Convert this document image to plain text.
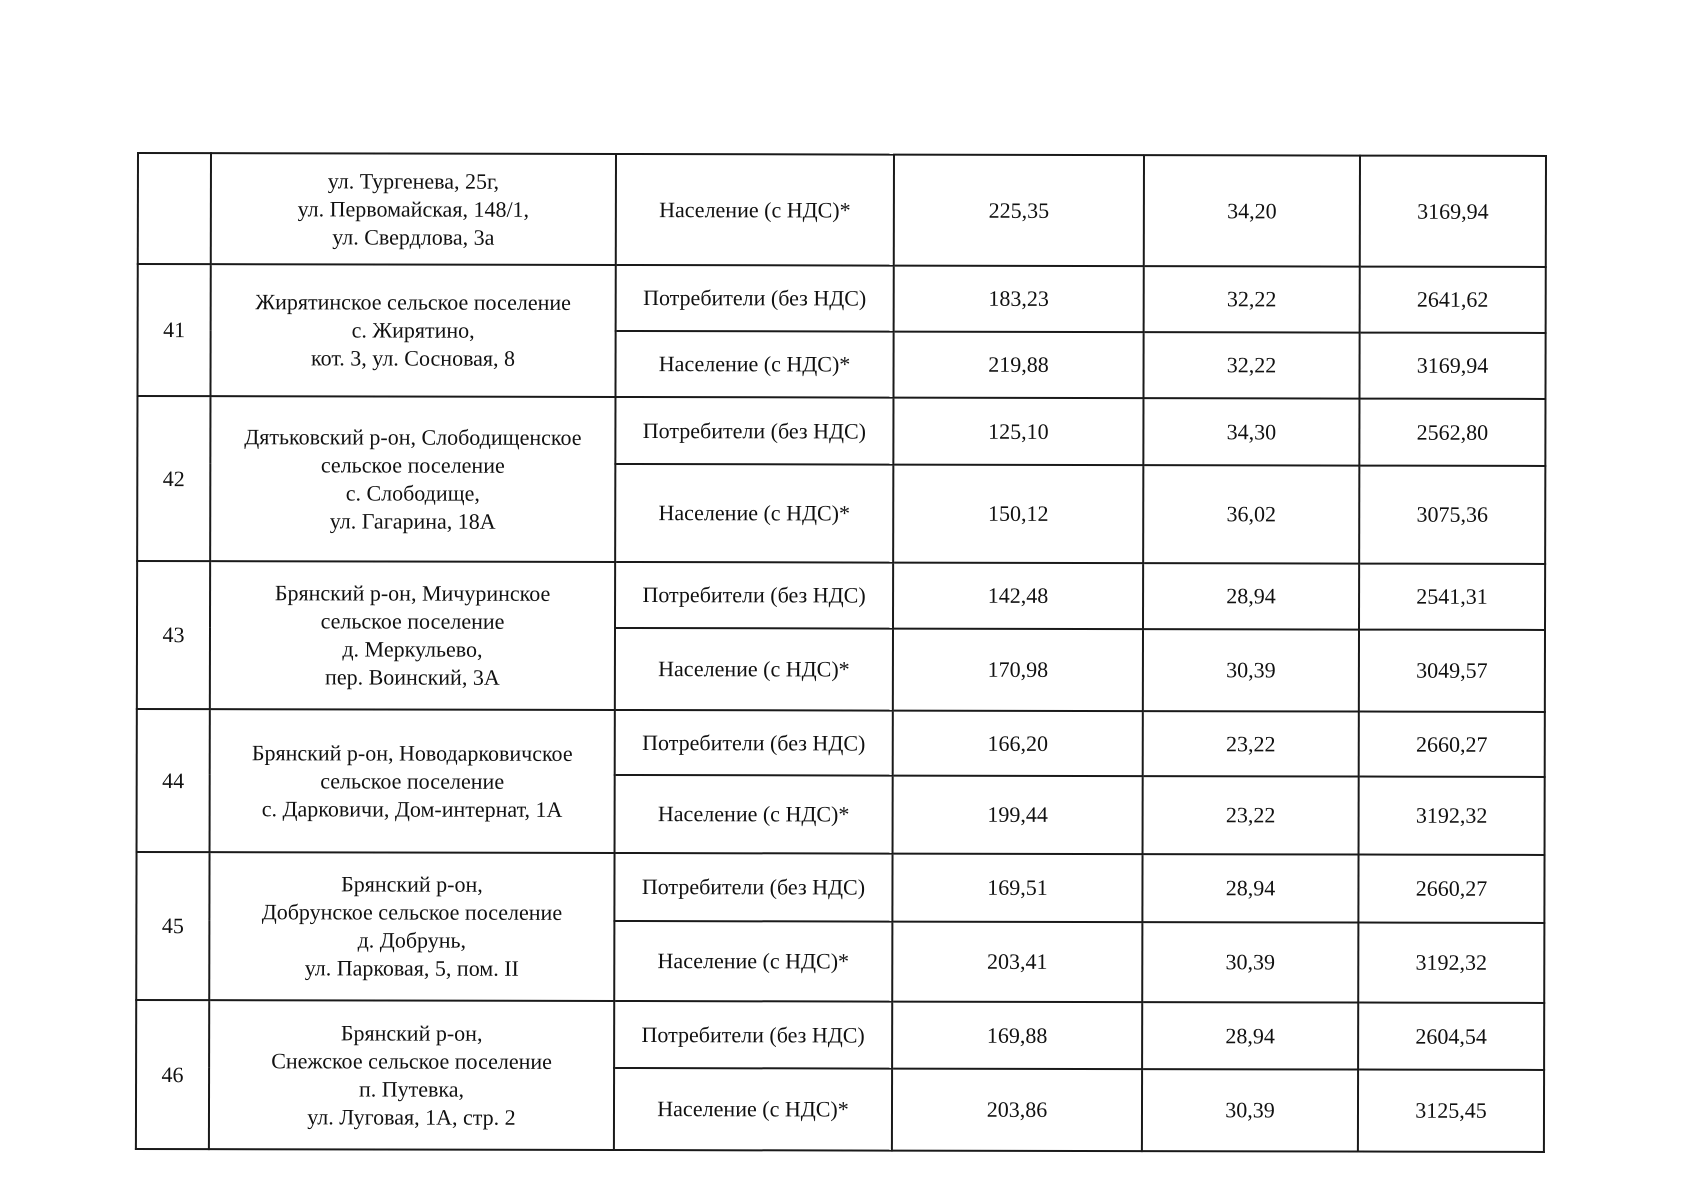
	ул. Тургенева, 25г,
ул. Первомайская, 148/1,
ул. Свердлова, 3а	Население (с НДС)*	225,35	34,20	3169,94
41	Жирятинское сельское поселение
с. Жирятино,
кот. 3, ул. Сосновая, 8	Потребители (без НДС)	183,23	32,22	2641,62
		Население (с НДС)*	219,88	32,22	3169,94
42	Дятьковский р-он, Слободищенское
сельское поселение
с. Слободище,
ул. Гагарина, 18А	Потребители (без НДС)	125,10	34,30	2562,80
		Население (с НДС)*	150,12	36,02	3075,36
43	Брянский р-он, Мичуринское
сельское поселение
д. Меркульево,
пер. Воинский, 3А	Потребители (без НДС)	142,48	28,94	2541,31
		Население (с НДС)*	170,98	30,39	3049,57
44	Брянский р-он, Новодарковичское
сельское поселение
с. Дарковичи, Дом-интернат, 1А	Потребители (без НДС)	166,20	23,22	2660,27
		Население (с НДС)*	199,44	23,22	3192,32
45	Брянский р-он,
Добрунское сельское поселение
д. Добрунь,
ул. Парковая, 5, пом. II	Потребители (без НДС)	169,51	28,94	2660,27
		Население (с НДС)*	203,41	30,39	3192,32
46	Брянский р-он,
Снежское сельское поселение
п. Путевка,
ул. Луговая, 1А, стр. 2	Потребители (без НДС)	169,88	28,94	2604,54
		Население (с НДС)*	203,86	30,39	3125,45
